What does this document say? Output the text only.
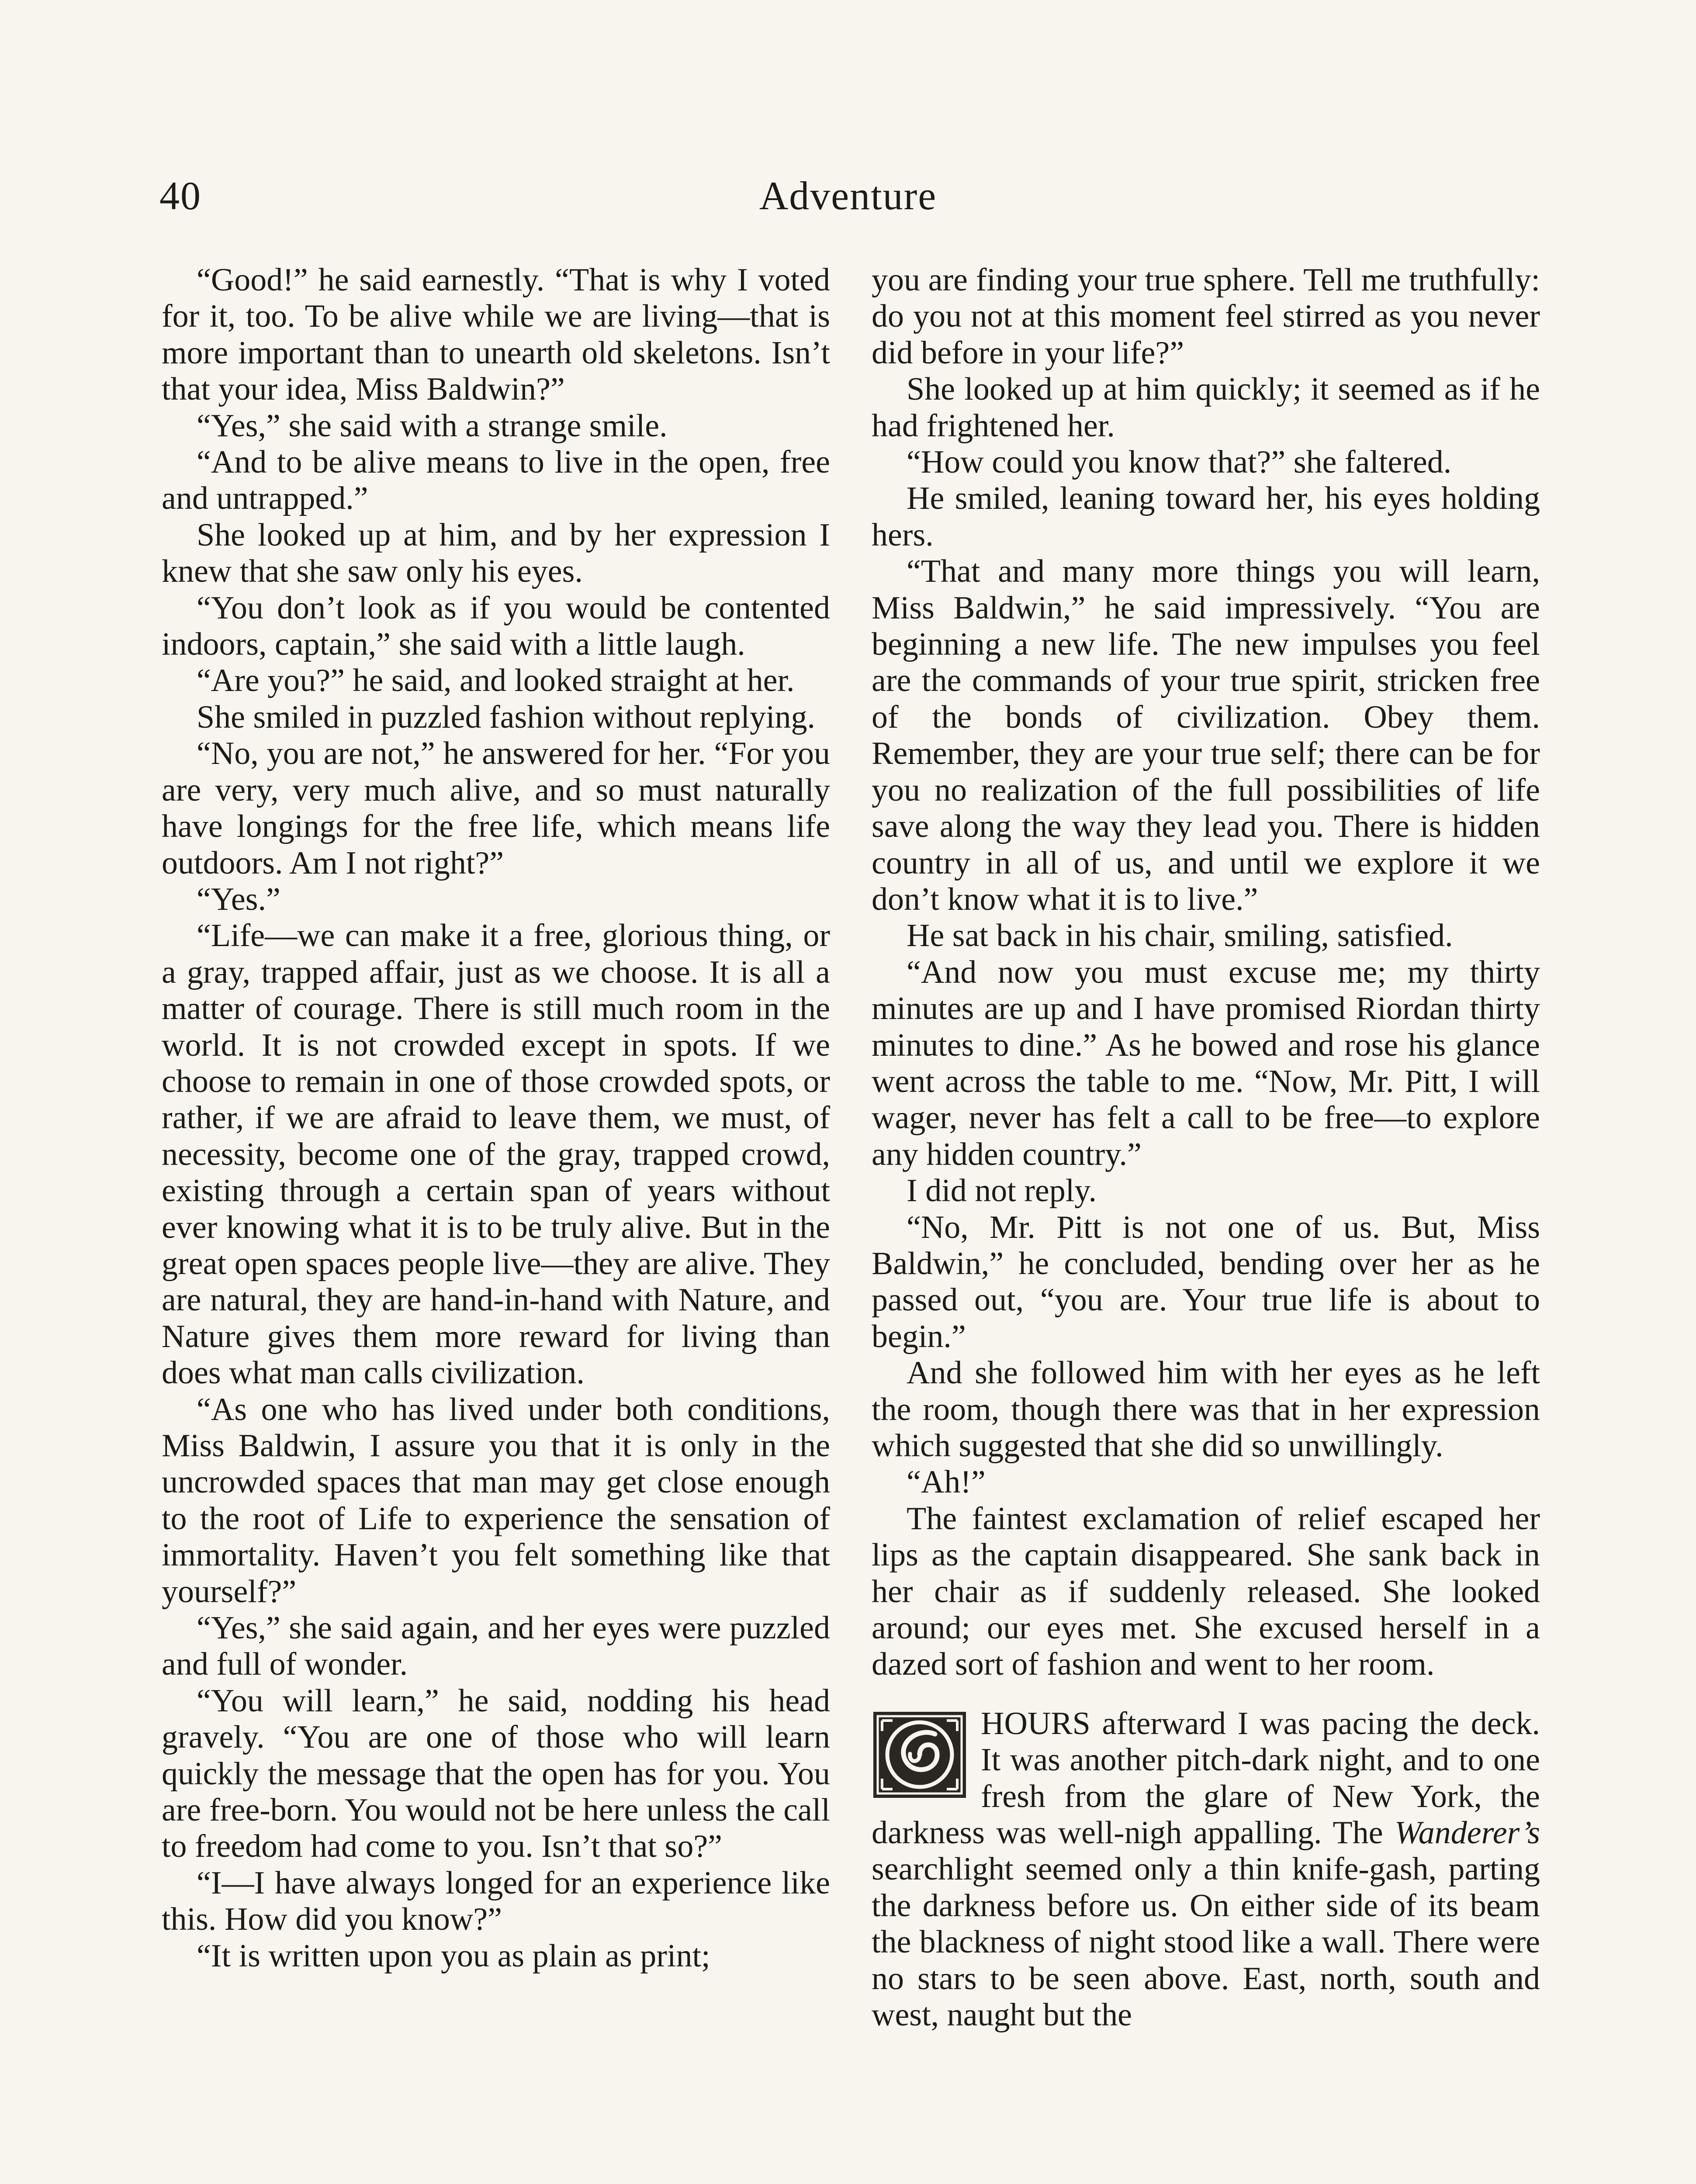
40	Adventure

“Good!” he said earnestly. “That is why I voted for it, too. To be alive while we are living—that is more important than to unearth old skeletons. Isn’t that your idea, Miss Baldwin?”

“Yes,” she said with a strange smile.

“And to be alive means to live in the open, free and untrapped.”

She looked up at him, and by her expression I knew that she saw only his eyes.

“You don’t look as if you would be contented indoors, captain,” she said with a little laugh.

“Are you?” he said, and looked straight at her.

She smiled in puzzled fashion without replying.

“No, you are not,” he answered for her. “For you are very, very much alive, and so must naturally have longings for the free life, which means life outdoors. Am I not right?”

“Yes.”

“Life—we can make it a free, glorious thing, or a gray, trapped affair, just as we choose. It is all a matter of courage. There is still much room in the world. It is not crowded except in spots. If we choose to remain in one of those crowded spots, or rather, if we are afraid to leave them, we must, of necessity, become one of the gray, trapped crowd, existing through a certain span of years without ever knowing what it is to be truly alive. But in the great open spaces people live—they are alive. They are natural, they are hand-in-hand with Nature, and Nature gives them more reward for living than does what man calls civilization.

“As one who has lived under both conditions, Miss Baldwin, I assure you that it is only in the uncrowded spaces that man may get close enough to the root of Life to experience the sensation of immortality. Haven’t you felt something like that yourself?”

“Yes,” she said again, and her eyes were puzzled and full of wonder.

“You will learn,” he said, nodding his head gravely. “You are one of those who will learn quickly the message that the open has for you. You are free-born. You would not be here unless the call to freedom had come to you. Isn’t that so?”

“I—I have always longed for an experience like this. How did you know?”

“It is written upon you as plain as print;

you are finding your true sphere. Tell me truthfully: do you not at this moment feel stirred as you never did before in your life?”

She looked up at him quickly; it seemed as if he had frightened her.

“How could you know that?” she faltered.

He smiled, leaning toward her, his eyes holding hers.

“That and many more things you will learn, Miss Baldwin,” he said impressively. “You are beginning a new life. The new impulses you feel are the commands of your true spirit, stricken free of the bonds of civilization. Obey them. Remember, they are your true self; there can be for you no realization of the full possibilities of life save along the way they lead you. There is hidden country in all of us, and until we explore it we don’t know what it is to live.”

He sat back in his chair, smiling, satisfied.

“And now you must excuse me; my thirty minutes are up and I have promised Riordan thirty minutes to dine.” As he bowed and rose his glance went across the table to me. “Now, Mr. Pitt, I will wager, never has felt a call to be free—to explore any hidden country.”

I did not reply.

“No, Mr. Pitt is not one of us. But, Miss Baldwin,” he concluded, bending over her as he passed out, “you are. Your true life is about to begin.”

And she followed him with her eyes as he left the room, though there was that in her expression which suggested that she did so unwillingly.

“Ah!”

The faintest exclamation of relief escaped her lips as the captain disappeared. She sank back in her chair as if suddenly released. She looked around; our eyes met. She excused herself in a dazed sort of fashion and went to her room.

HOURS afterward I was pacing the deck. It was another pitch-dark night, and to one fresh from the glare of New York, the darkness was well-nigh appalling. The Wanderer’s searchlight seemed only a thin knife-gash, parting the darkness before us. On either side of its beam the blackness of night stood like a wall. There were no stars to be seen above. East, north, south and west, naught but the
